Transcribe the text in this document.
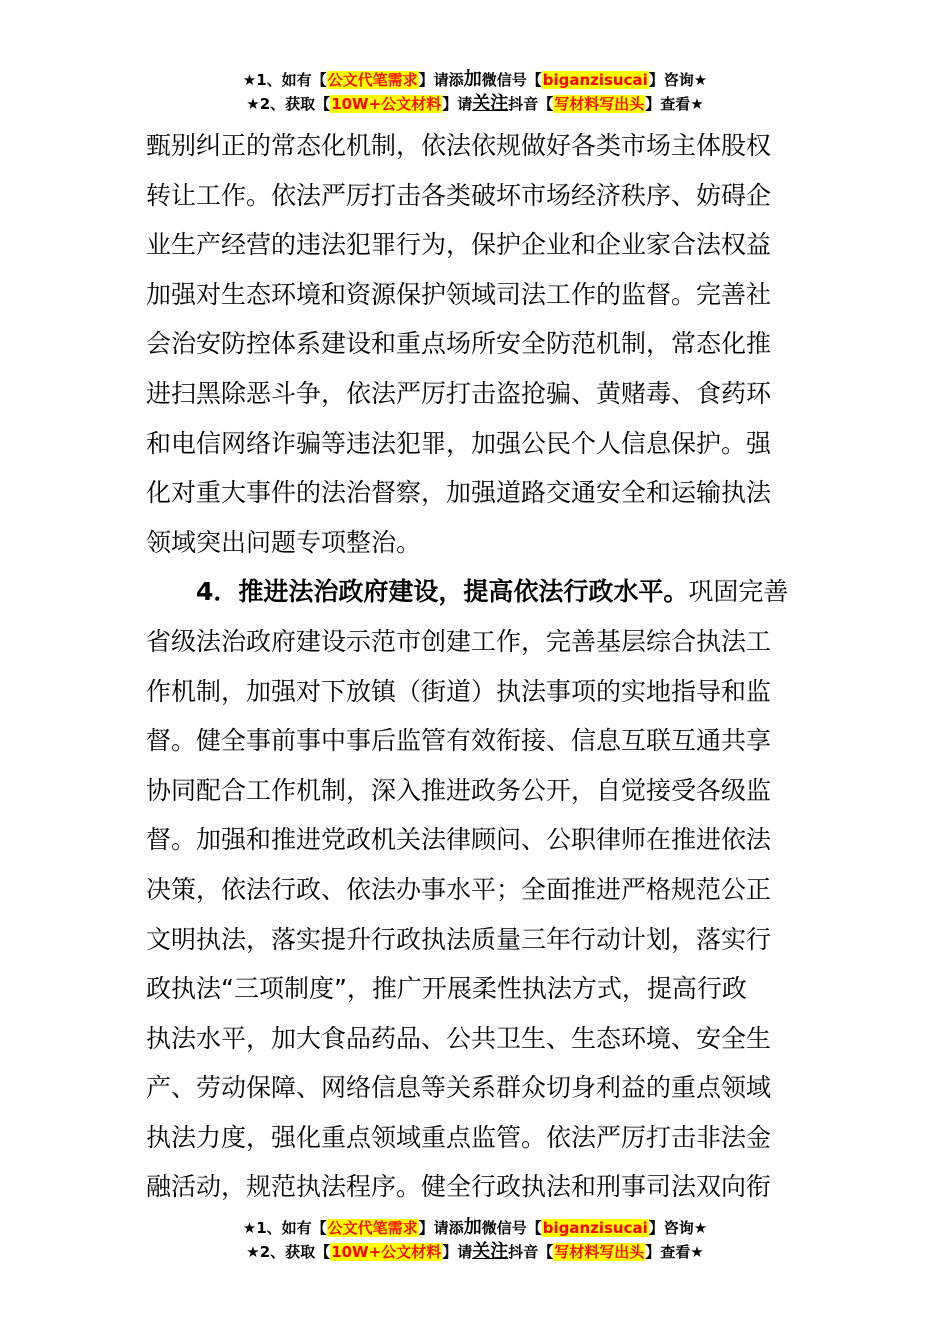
★1、如有【公文代笔需求】请添加微信号【biganzisucai】咨询★
★2、获取【10W+公文材料】请关注抖音【写材料写出头】查看★

甄别纠正的常态化机制，依法依规做好各类市场主体股权
转让工作。依法严厉打击各类破坏市场经济秩序、妨碍企
业生产经营的违法犯罪行为，保护企业和企业家合法权益
加强对生态环境和资源保护领域司法工作的监督。完善社
会治安防控体系建设和重点场所安全防范机制，常态化推
进扫黑除恶斗争，依法严厉打击盗抢骗、黄赌毒、食药环
和电信网络诈骗等违法犯罪，加强公民个人信息保护。强
化对重大事件的法治督察，加强道路交通安全和运输执法
领域突出问题专项整治。

　　4．推进法治政府建设，提高依法行政水平。巩固完善
省级法治政府建设示范市创建工作，完善基层综合执法工
作机制，加强对下放镇（街道）执法事项的实地指导和监
督。健全事前事中事后监管有效衔接、信息互联互通共享
协同配合工作机制，深入推进政务公开，自觉接受各级监
督。加强和推进党政机关法律顾问、公职律师在推进依法
决策，依法行政、依法办事水平；全面推进严格规范公正
文明执法，落实提升行政执法质量三年行动计划，落实行
政执法“三项制度”，推广开展柔性执法方式，提高行政
执法水平，加大食品药品、公共卫生、生态环境、安全生
产、劳动保障、网络信息等关系群众切身利益的重点领域
执法力度，强化重点领域重点监管。依法严厉打击非法金
融活动，规范执法程序。健全行政执法和刑事司法双向衔

★1、如有【公文代笔需求】请添加微信号【biganzisucai】咨询★
★2、获取【10W+公文材料】请关注抖音【写材料写出头】查看★
